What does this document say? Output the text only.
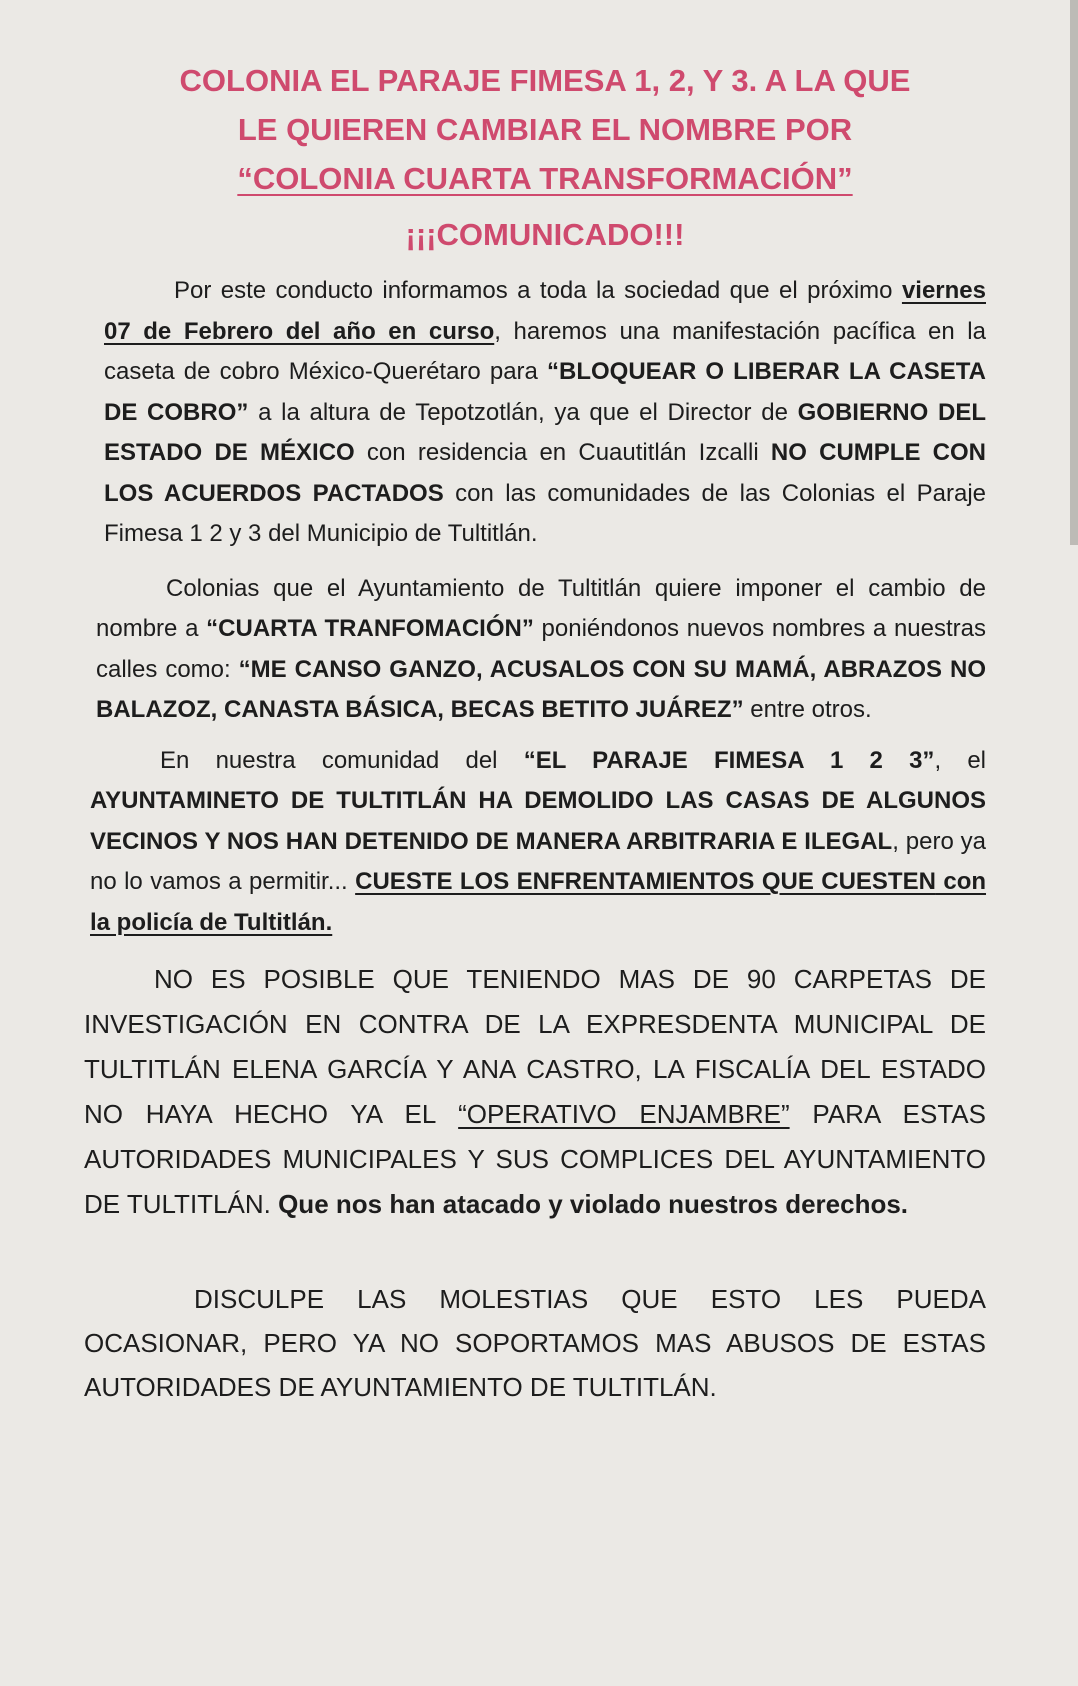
COLONIA EL PARAJE FIMESA 1, 2, Y 3. A LA QUE
LE QUIEREN CAMBIAR EL NOMBRE POR
“COLONIA CUARTA TRANSFORMACIÓN”
¡¡¡COMUNICADO!!!

Por este conducto informamos a toda la sociedad que el próximo viernes 07 de Febrero del año en curso, haremos una manifestación pacífica en la caseta de cobro México-Querétaro para “BLOQUEAR O LIBERAR LA CASETA DE COBRO” a la altura de Tepotzotlán, ya que el Director de GOBIERNO DEL ESTADO DE MÉXICO con residencia en Cuautitlán Izcalli NO CUMPLE CON LOS ACUERDOS PACTADOS con las comunidades de las Colonias el Paraje Fimesa 1 2 y 3 del Municipio de Tultitlán.

Colonias que el Ayuntamiento de Tultitlán quiere imponer el cambio de nombre a “CUARTA TRANFOMACIÓN” poniéndonos nuevos nombres a nuestras calles como: “ME CANSO GANZO, ACUSALOS CON SU MAMÁ, ABRAZOS NO BALAZOZ, CANASTA BÁSICA, BECAS BETITO JUÁREZ” entre otros.

En nuestra comunidad del “EL PARAJE FIMESA 1 2 3”, el AYUNTAMINETO DE TULTITLÁN HA DEMOLIDO LAS CASAS DE ALGUNOS VECINOS Y NOS HAN DETENIDO DE MANERA ARBITRARIA E ILEGAL, pero ya no lo vamos a permitir... CUESTE LOS ENFRENTAMIENTOS QUE CUESTEN con la policía de Tultitlán.

NO ES POSIBLE QUE TENIENDO MAS DE 90 CARPETAS DE INVESTIGACIÓN EN CONTRA DE LA EXPRESDENTA MUNICIPAL DE TULTITLÁN ELENA GARCÍA Y ANA CASTRO, LA FISCALÍA DEL ESTADO NO HAYA HECHO YA EL “OPERATIVO ENJAMBRE” PARA ESTAS AUTORIDADES MUNICIPALES Y SUS COMPLICES DEL AYUNTAMIENTO DE TULTITLÁN. Que nos han atacado y violado nuestros derechos.

DISCULPE LAS MOLESTIAS QUE ESTO LES PUEDA OCASIONAR, PERO YA NO SOPORTAMOS MAS ABUSOS DE ESTAS AUTORIDADES DE AYUNTAMIENTO DE TULTITLÁN.
